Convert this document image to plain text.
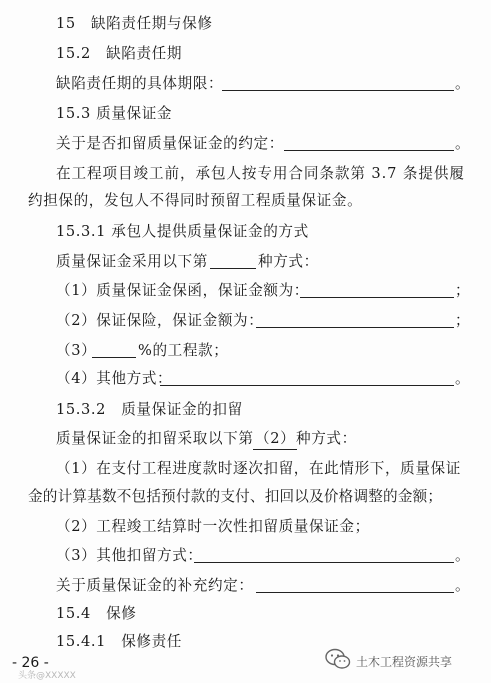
15　缺陷责任期与保修
15.2　缺陷责任期
缺陷责任期的具体期限：	。
15.3 质量保证金
关于是否扣留质量保证金的约定：	。
在工程项目竣工前，承包人按专用合同条款第 3.7 条提供履
约担保的，发包人不得同时预留工程质量保证金。
15.3.1 承包人提供质量保证金的方式
质量保证金采用以下第	种方式：
（1）质量保证金保函，保证金额为：	；
（2）保证保险，保证金额为：	；
（3）	%的工程款；
（4）其他方式：	。
15.3.2　质量保证金的扣留
质量保证金的扣留采取以下第 （2） 种方式：
（1）在支付工程进度款时逐次扣留，在此情形下，质量保证
金的计算基数不包括预付款的支付、扣回以及价格调整的金额；
（2）工程竣工结算时一次性扣留质量保证金；
（3）其他扣留方式：	。
关于质量保证金的补充约定：	。
15.4　保修
15.4.1　保修责任
- 26 -
头条@XXXXX
土木工程资源共享
